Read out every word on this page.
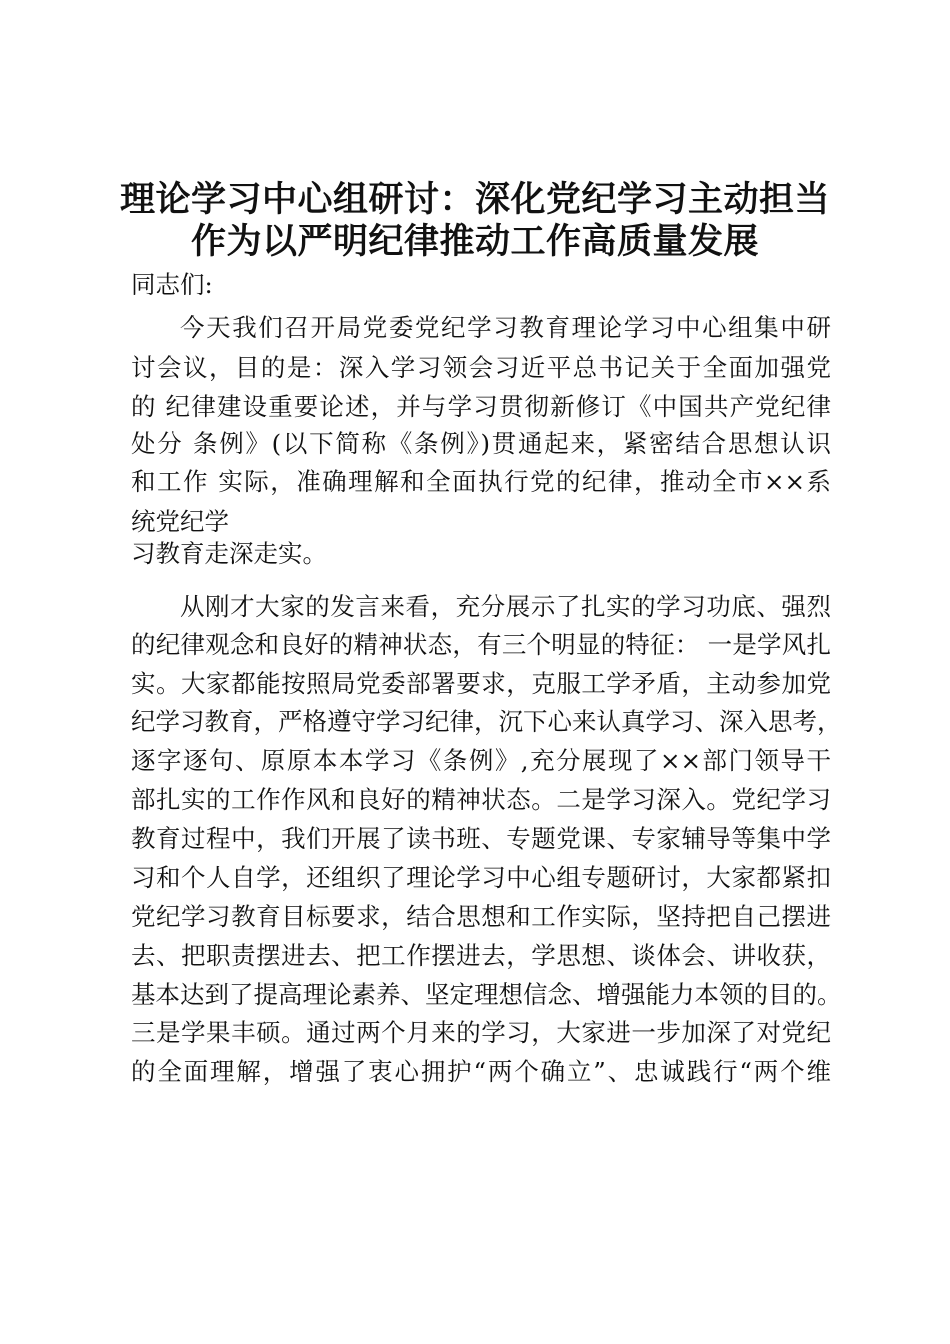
理论学习中心组研讨：深化党纪学习主动担当
作为以严明纪律推动工作高质量发展
同志们:
今天我们召开局党委党纪学习教育理论学习中心组集中研
讨会议，目的是：深入学习领会习近平总书记关于全面加强党
的 纪律建设重要论述，并与学习贯彻新修订《中国共产党纪律
处分 条例》(以下简称《条例》)贯通起来，紧密结合思想认识
和工作 实际，准确理解和全面执行党的纪律，推动全市××系
统党纪学
习教育走深走实。
从刚才大家的发言来看，充分展示了扎实的学习功底、强烈
的纪律观念和良好的精神状态，有三个明显的特征： 一是学风扎
实。大家都能按照局党委部署要求，克服工学矛盾，主动参加党
纪学习教育，严格遵守学习纪律，沉下心来认真学习、深入思考，
逐字逐句、原原本本学习《条例》,充分展现了××部门领导干
部扎实的工作作风和良好的精神状态。二是学习深入。党纪学习
教育过程中，我们开展了读书班、专题党课、专家辅导等集中学
习和个人自学，还组织了理论学习中心组专题研讨，大家都紧扣
党纪学习教育目标要求，结合思想和工作实际，坚持把自己摆进
去、把职责摆进去、把工作摆进去，学思想、谈体会、讲收获，
基本达到了提高理论素养、坚定理想信念、增强能力本领的目的。
三是学果丰硕。通过两个月来的学习，大家进一步加深了对党纪
的全面理解，增强了衷心拥护“两个确立”、忠诚践行“两个维
